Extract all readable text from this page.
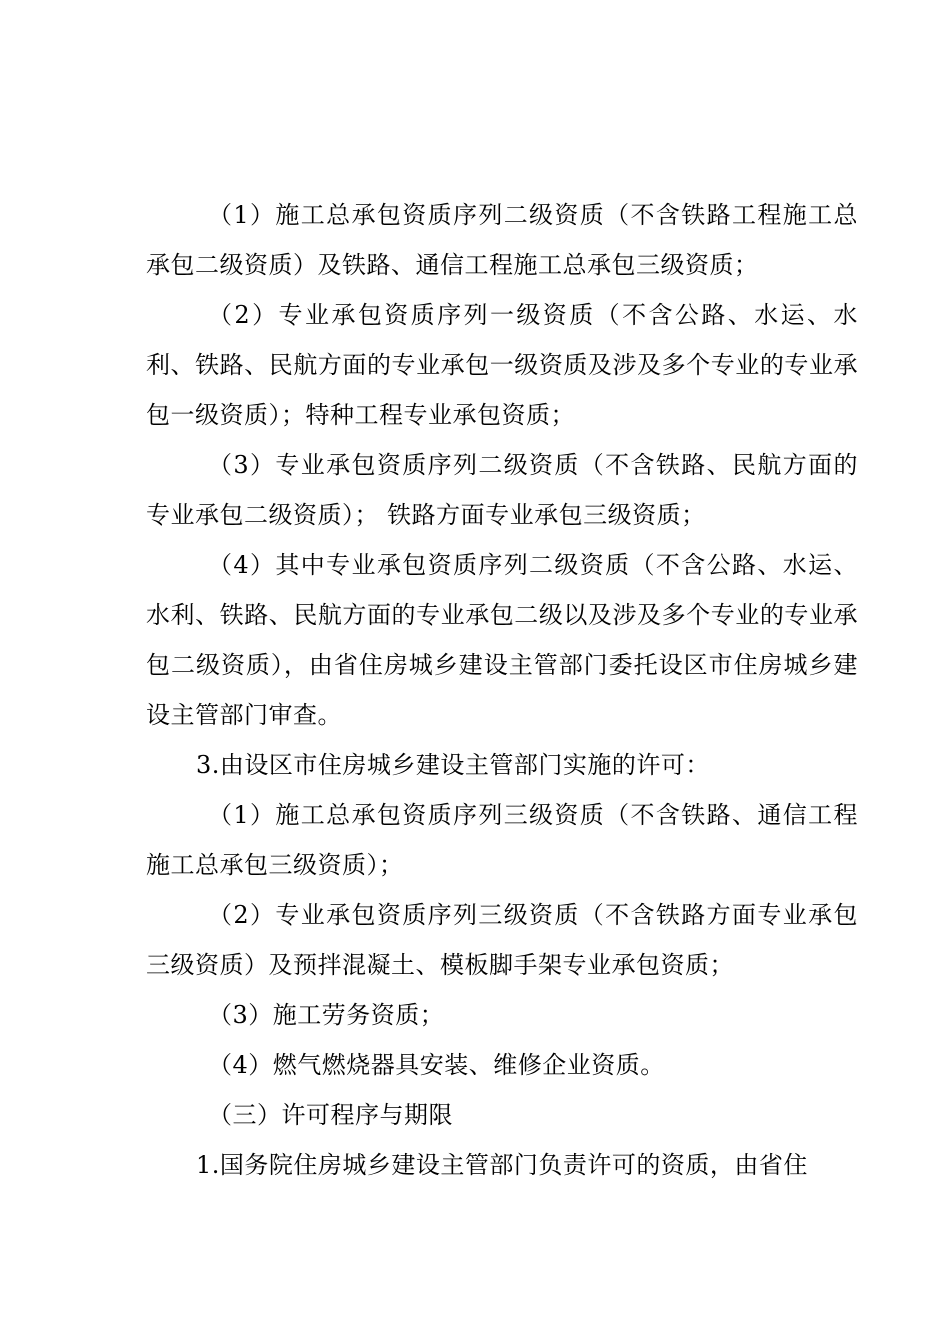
（1）施工总承包资质序列二级资质（不含铁路工程施工总承包二级资质）及铁路、通信工程施工总承包三级资质；

（2）专业承包资质序列一级资质（不含公路、水运、水利、铁路、民航方面的专业承包一级资质及涉及多个专业的专业承包一级资质）；特种工程专业承包资质；

（3）专业承包资质序列二级资质（不含铁路、民航方面的专业承包二级资质）； 铁路方面专业承包三级资质；

（4）其中专业承包资质序列二级资质（不含公路、水运、水利、铁路、民航方面的专业承包二级以及涉及多个专业的专业承包二级资质），由省住房城乡建设主管部门委托设区市住房城乡建设主管部门审查。

3.由设区市住房城乡建设主管部门实施的许可：

（1）施工总承包资质序列三级资质（不含铁路、通信工程施工总承包三级资质）；

（2）专业承包资质序列三级资质（不含铁路方面专业承包三级资质）及预拌混凝土、模板脚手架专业承包资质；

（3）施工劳务资质；

（4）燃气燃烧器具安装、维修企业资质。

（三）许可程序与期限

1.国务院住房城乡建设主管部门负责许可的资质，由省住
